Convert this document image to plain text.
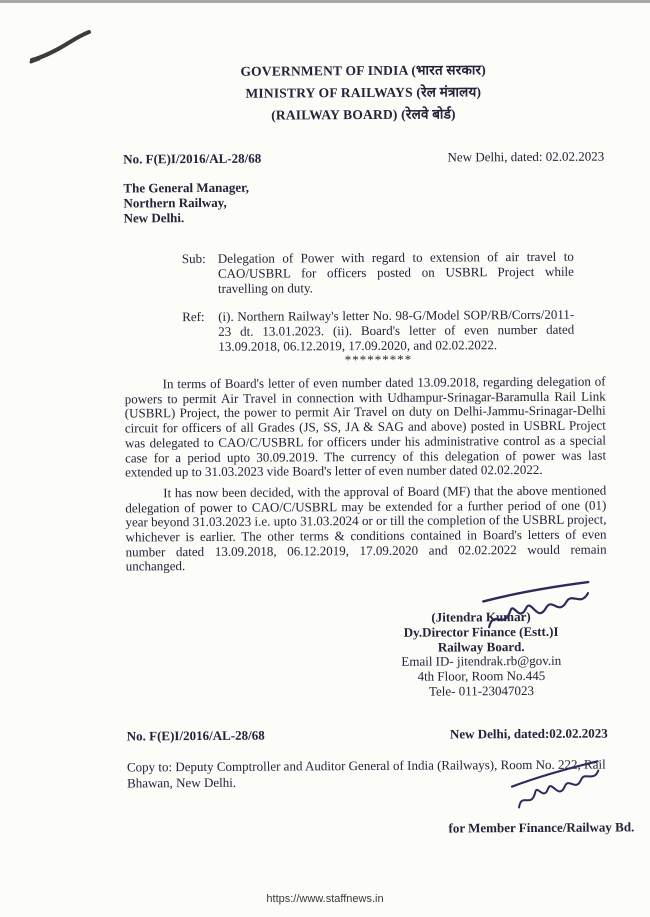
GOVERNMENT OF INDIA (भारत सरकार)
MINISTRY OF RAILWAYS (रेल मंत्रालय)
(RAILWAY BOARD) (रेलवे बोर्ड)
No. F(E)I/2016/AL-28/68	New Delhi, dated: 02.02.2023
The General Manager,
Northern Railway,
New Delhi.
Sub: Delegation of Power with regard to extension of air travel to CAO/USBRL for officers posted on USBRL Project while travelling on duty.
Ref:	(i). Northern Railway's letter No. 98-G/Model SOP/RB/Corrs/2011-23 dt. 13.01.2023. (ii). Board's letter of even number dated 13.09.2018, 06.12.2019, 17.09.2020, and 02.02.2022.
*********

In terms of Board's letter of even number dated 13.09.2018, regarding delegation of powers to permit Air Travel in connection with Udhampur-Srinagar-Baramulla Rail Link (USBRL) Project, the power to permit Air Travel on duty on Delhi-Jammu-Srinagar-Delhi circuit for officers of all Grades (JS, SS, JA & SAG and above) posted in USBRL Project was delegated to CAO/C/USBRL for officers under his administrative control as a special case for a period upto 30.09.2019. The currency of this delegation of power was last extended up to 31.03.2023 vide Board's letter of even number dated 02.02.2022.

It has now been decided, with the approval of Board (MF) that the above mentioned delegation of power to CAO/C/USBRL may be extended for a further period of one (01) year beyond 31.03.2023 i.e. upto 31.03.2024 or or till the completion of the USBRL project, whichever is earlier. The other terms & conditions contained in Board's letters of even number dated 13.09.2018, 06.12.2019, 17.09.2020 and 02.02.2022 would remain unchanged.

(Jitendra Kumar)
Dy.Director Finance (Estt.)I
Railway Board.
Email ID- jitendrak.rb@gov.in
4th Floor, Room No.445
Tele- 011-23047023
No. F(E)I/2016/AL-28/68	New Delhi, dated:02.02.2023

Copy to: Deputy Comptroller and Auditor General of India (Railways), Room No. 222, Rail Bhawan, New Delhi.

for Member Finance/Railway Bd.
https://www.staffnews.in
